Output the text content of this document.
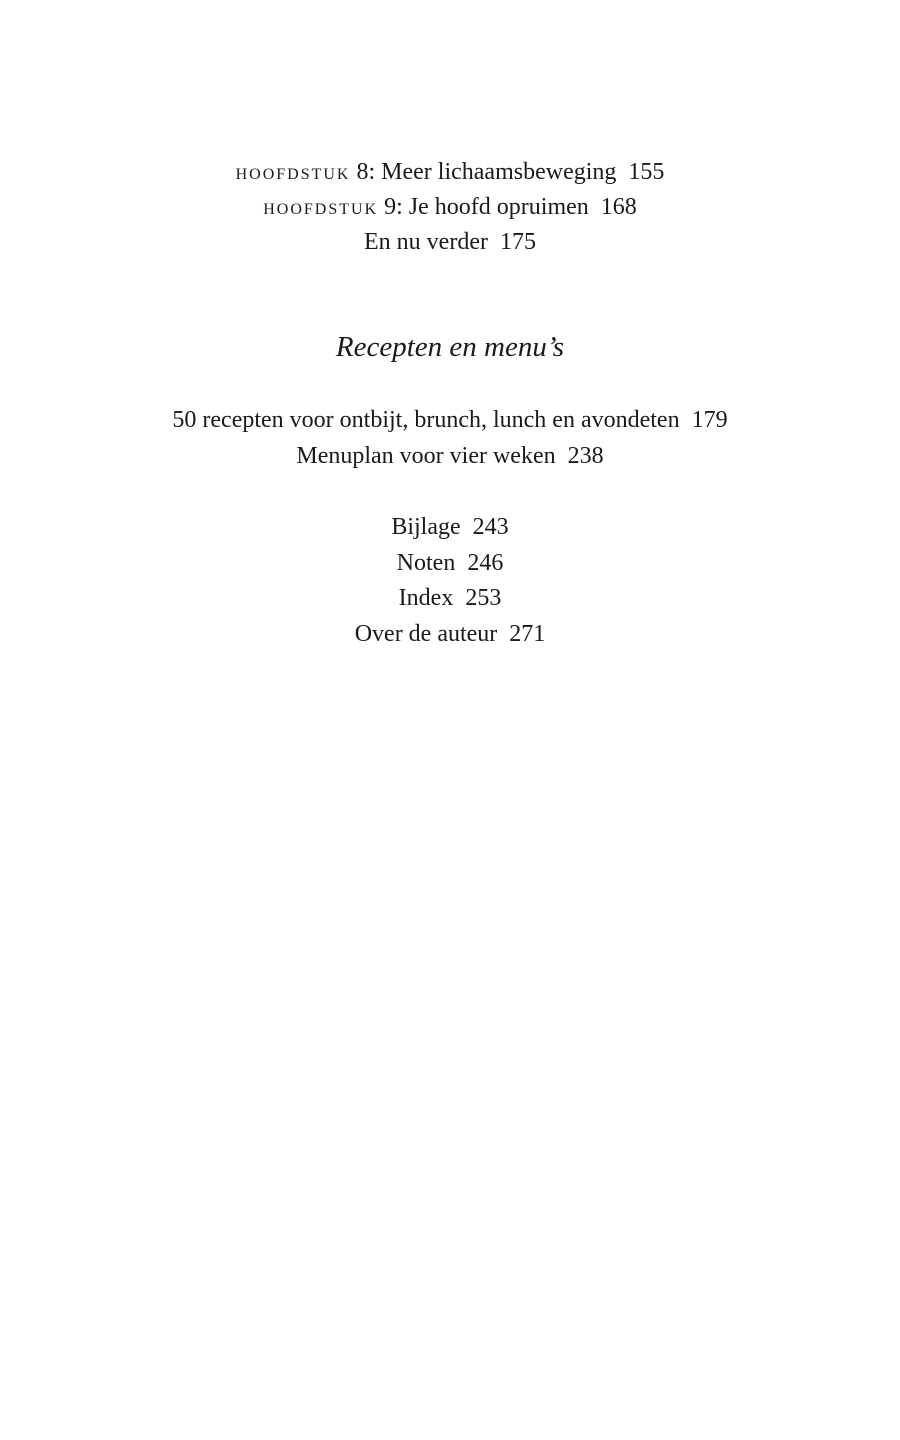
HOOFDSTUK 8: Meer lichaamsbeweging 155
HOOFDSTUK 9: Je hoofd opruimen 168
En nu verder 175
Recepten en menu’s
50 recepten voor ontbijt, brunch, lunch en avondeten 179
Menuplan voor vier weken 238
Bijlage 243
Noten 246
Index 253
Over de auteur 271
